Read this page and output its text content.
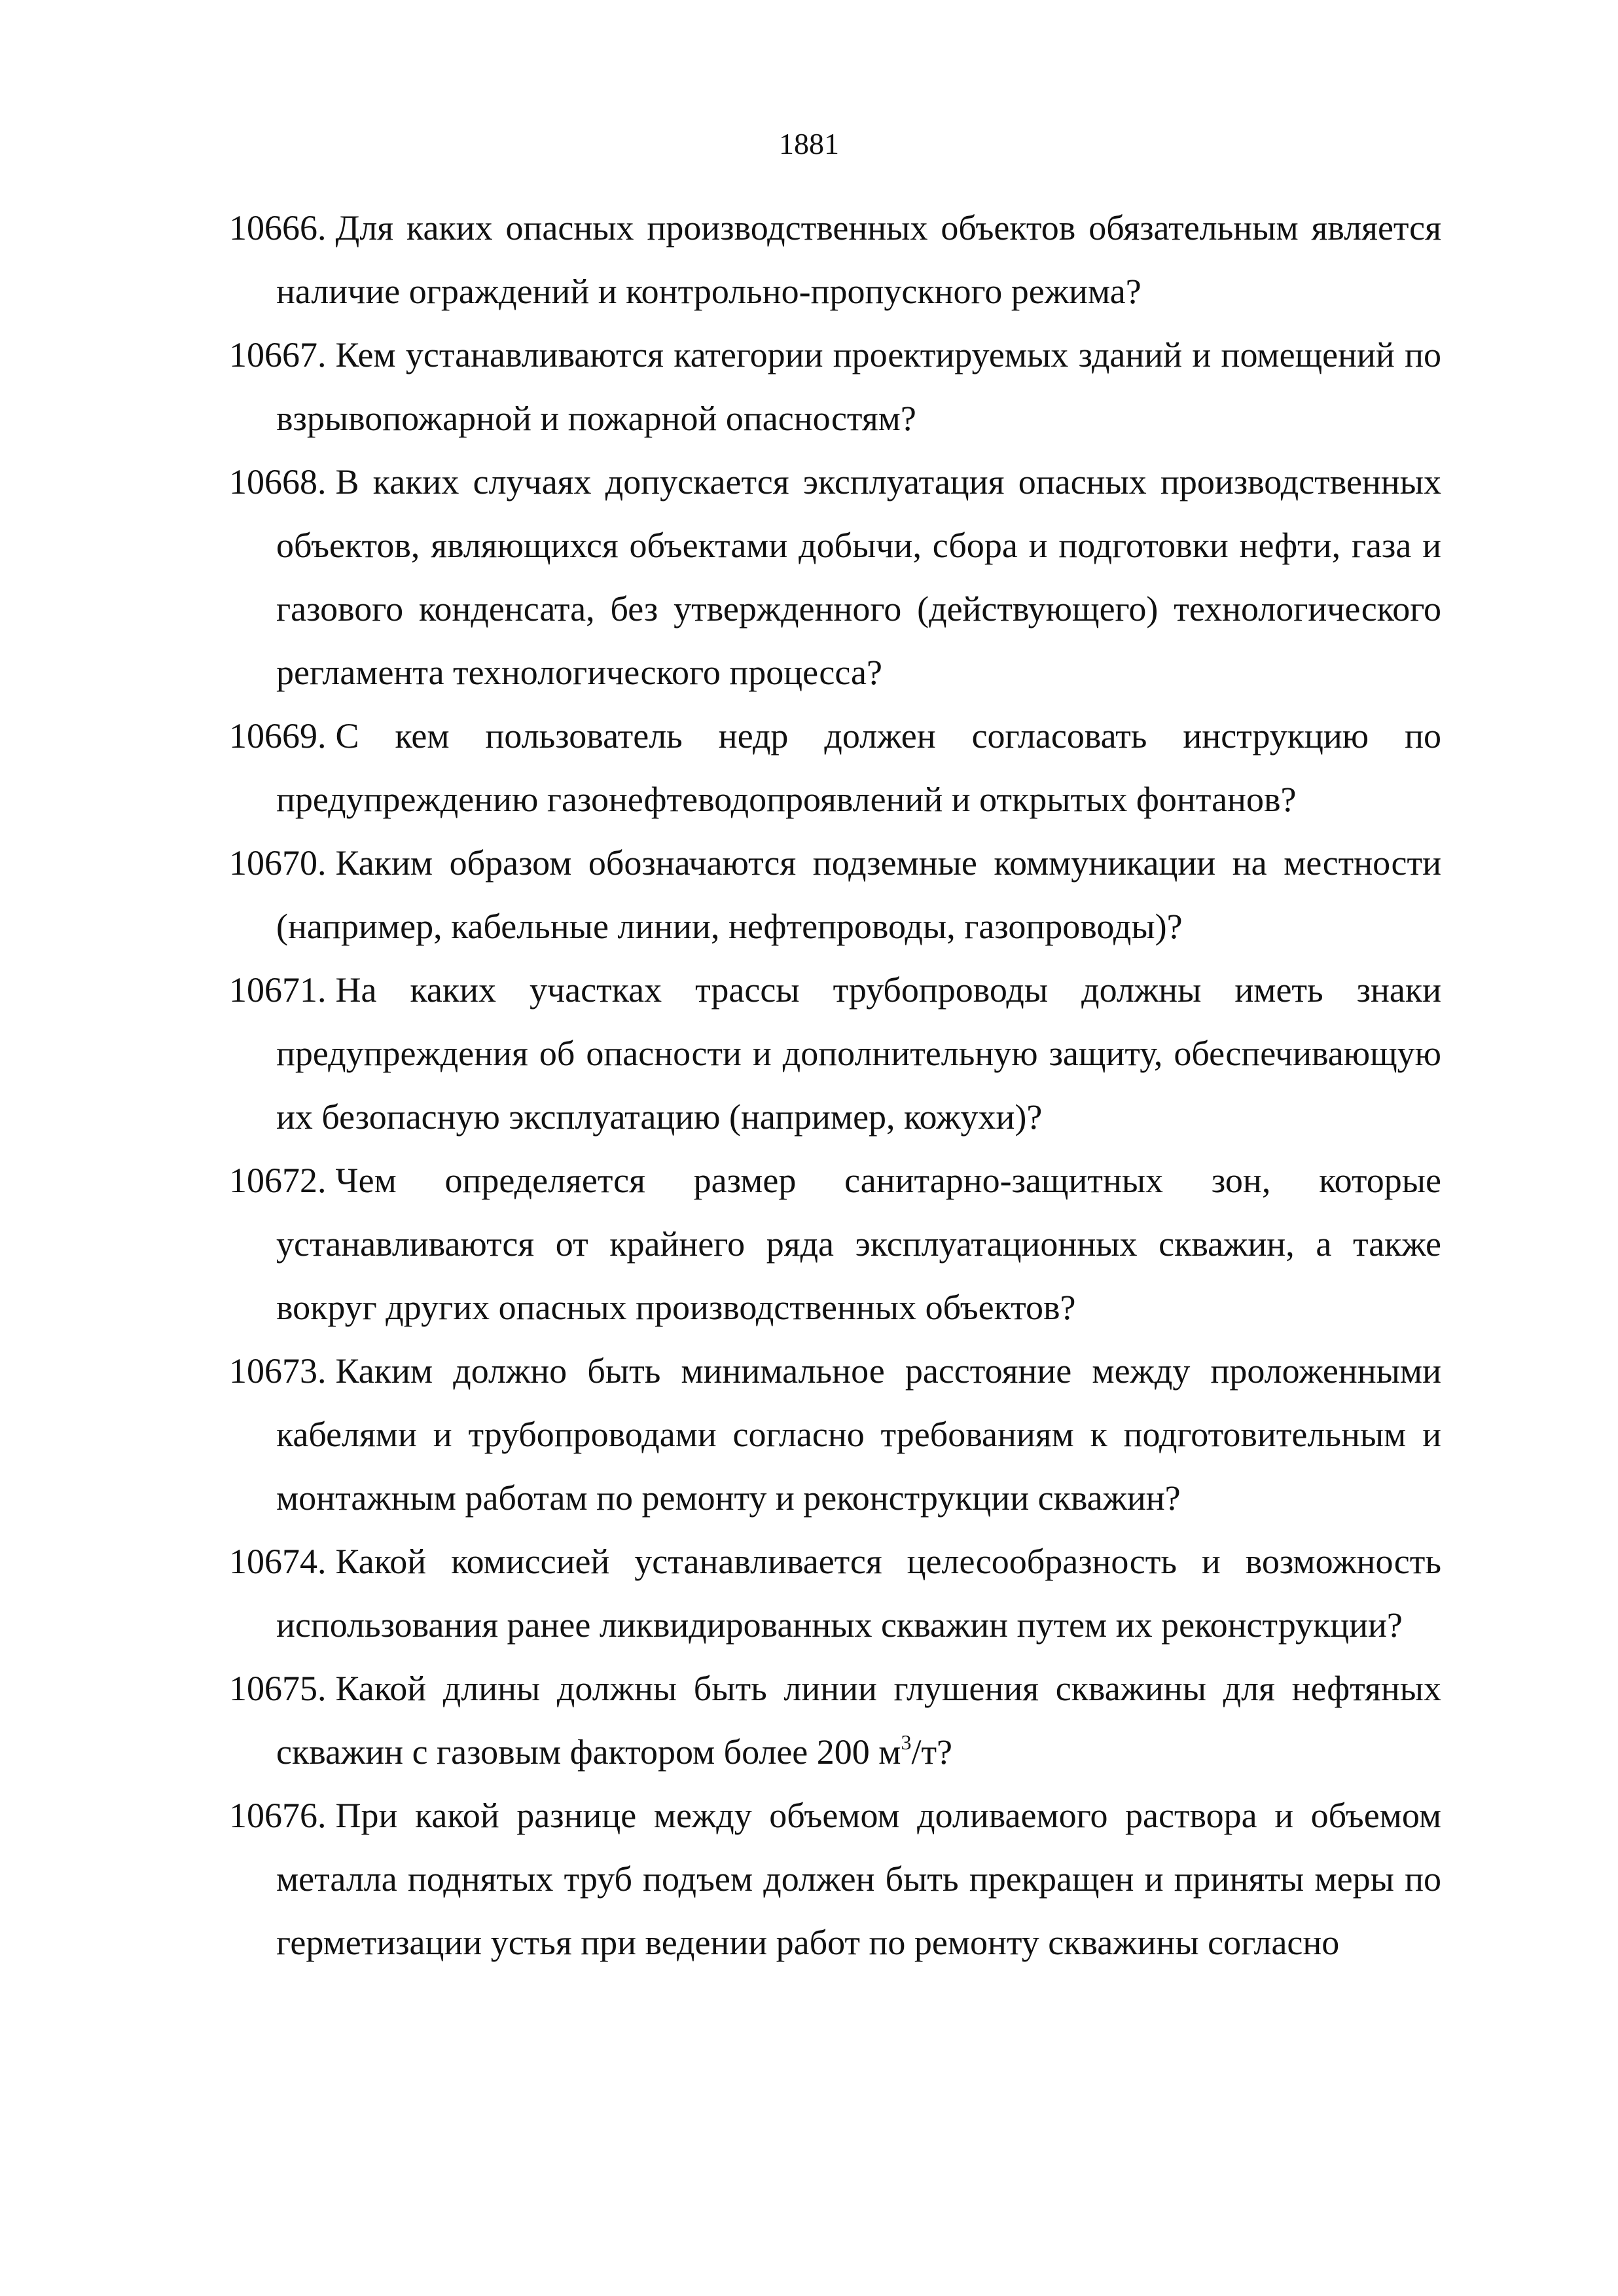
1881
10666. Для каких опасных производственных объектов обязательным является наличие ограждений и контрольно-пропускного режима?
10667. Кем устанавливаются категории проектируемых зданий и помещений по взрывопожарной и пожарной опасностям?
10668. В каких случаях допускается эксплуатация опасных производственных объектов, являющихся объектами добычи, сбора и подготовки нефти, газа и газового конденсата, без утвержденного (действующего) технологического регламента технологического процесса?
10669. С кем пользователь недр должен согласовать инструкцию по предупреждению газонефтеводопроявлений и открытых фонтанов?
10670. Каким образом обозначаются подземные коммуникации на местности (например, кабельные линии, нефтепроводы, газопроводы)?
10671. На каких участках трассы трубопроводы должны иметь знаки предупреждения об опасности и дополнительную защиту, обеспечивающую их безопасную эксплуатацию (например, кожухи)?
10672. Чем определяется размер санитарно-защитных зон, которые устанавливаются от крайнего ряда эксплуатационных скважин, а также вокруг других опасных производственных объектов?
10673. Каким должно быть минимальное расстояние между проложенными кабелями и трубопроводами согласно требованиям к подготовительным и монтажным работам по ремонту и реконструкции скважин?
10674. Какой комиссией устанавливается целесообразность и возможность использования ранее ликвидированных скважин путем их реконструкции?
10675. Какой длины должны быть линии глушения скважины для нефтяных скважин с газовым фактором более 200 $м^3/т$?
10676. При какой разнице между объемом доливаемого раствора и объемом металла поднятых труб подъем должен быть прекращен и приняты меры по герметизации устья при ведении работ по ремонту скважины согласно
